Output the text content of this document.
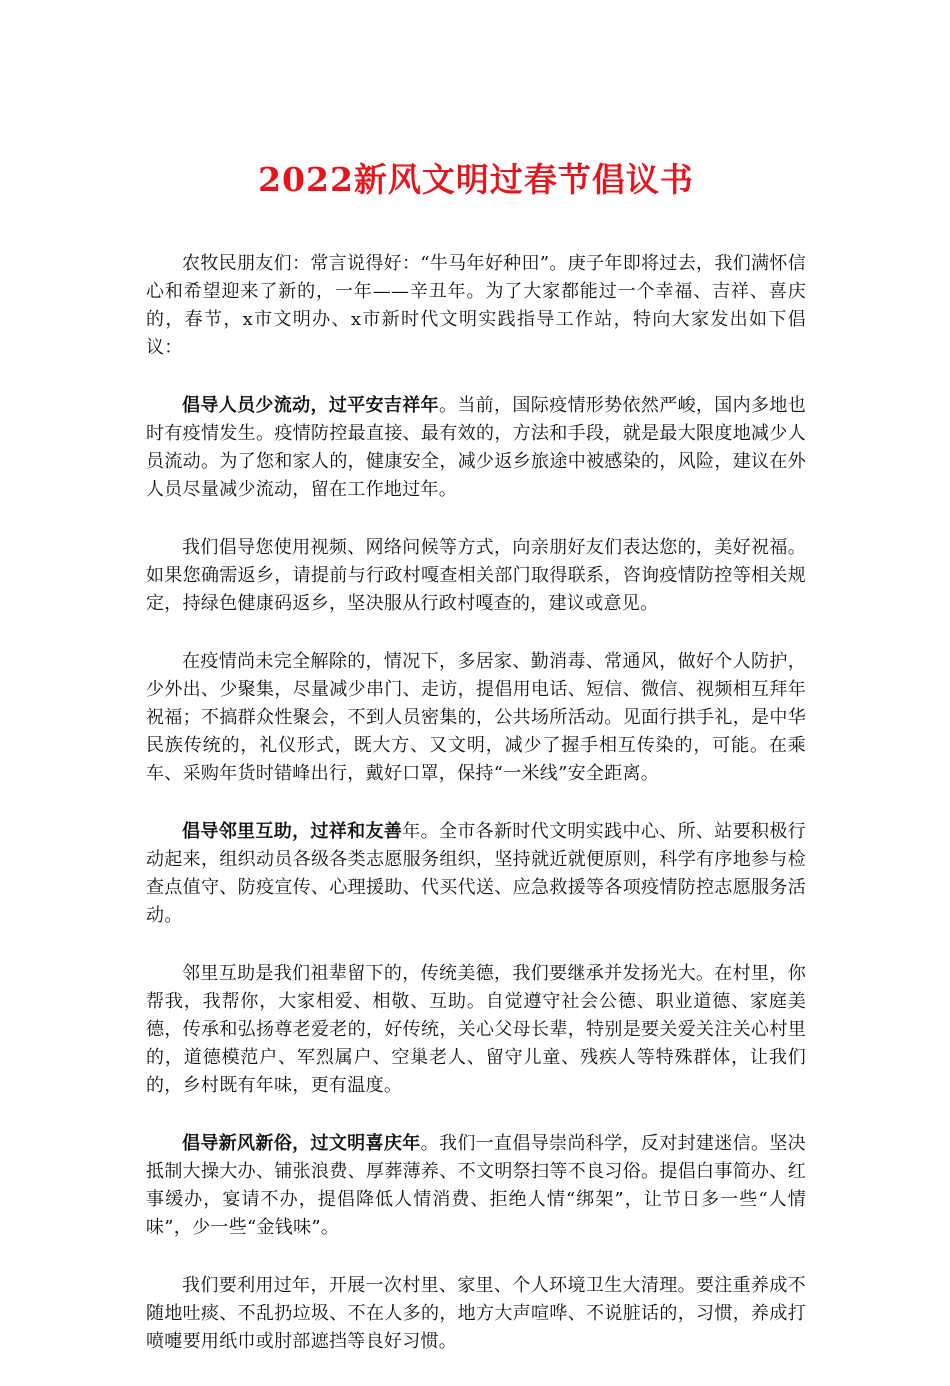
2022新风文明过春节倡议书

农牧民朋友们：常言说得好：“牛马年好种田”。庚子年即将过去，我们满怀信心和希望迎来了新的，一年——辛丑年。为了大家都能过一个幸福、吉祥、喜庆的，春节，x市文明办、x市新时代文明实践指导工作站，特向大家发出如下倡议：

倡导人员少流动，过平安吉祥年。当前，国际疫情形势依然严峻，国内多地也时有疫情发生。疫情防控最直接、最有效的，方法和手段，就是最大限度地减少人员流动。为了您和家人的，健康安全，减少返乡旅途中被感染的，风险，建议在外人员尽量减少流动，留在工作地过年。

我们倡导您使用视频、网络问候等方式，向亲朋好友们表达您的，美好祝福。如果您确需返乡，请提前与行政村嘎查相关部门取得联系，咨询疫情防控等相关规定，持绿色健康码返乡，坚决服从行政村嘎查的，建议或意见。

在疫情尚未完全解除的，情况下，多居家、勤消毒、常通风，做好个人防护，少外出、少聚集，尽量减少串门、走访，提倡用电话、短信、微信、视频相互拜年祝福；不搞群众性聚会，不到人员密集的，公共场所活动。见面行拱手礼，是中华民族传统的，礼仪形式，既大方、又文明，减少了握手相互传染的，可能。在乘车、采购年货时错峰出行，戴好口罩，保持“一米线”安全距离。

倡导邻里互助，过祥和友善年。全市各新时代文明实践中心、所、站要积极行动起来，组织动员各级各类志愿服务组织，坚持就近就便原则，科学有序地参与检查点值守、防疫宣传、心理援助、代买代送、应急救援等各项疫情防控志愿服务活动。

邻里互助是我们祖辈留下的，传统美德，我们要继承并发扬光大。在村里，你帮我，我帮你，大家相爱、相敬、互助。自觉遵守社会公德、职业道德、家庭美德，传承和弘扬尊老爱老的，好传统，关心父母长辈，特别是要关爱关注关心村里的，道德模范户、军烈属户、空巢老人、留守儿童、残疾人等特殊群体，让我们的，乡村既有年味，更有温度。

倡导新风新俗，过文明喜庆年。我们一直倡导崇尚科学，反对封建迷信。坚决抵制大操大办、铺张浪费、厚葬薄养、不文明祭扫等不良习俗。提倡白事简办、红事缓办，宴请不办，提倡降低人情消费、拒绝人情“绑架”，让节日多一些“人情味”，少一些“金钱味”。

我们要利用过年，开展一次村里、家里、个人环境卫生大清理。要注重养成不随地吐痰、不乱扔垃圾、不在人多的，地方大声喧哗、不说脏话的，习惯，养成打喷嚏要用纸巾或肘部遮挡等良好习惯。
